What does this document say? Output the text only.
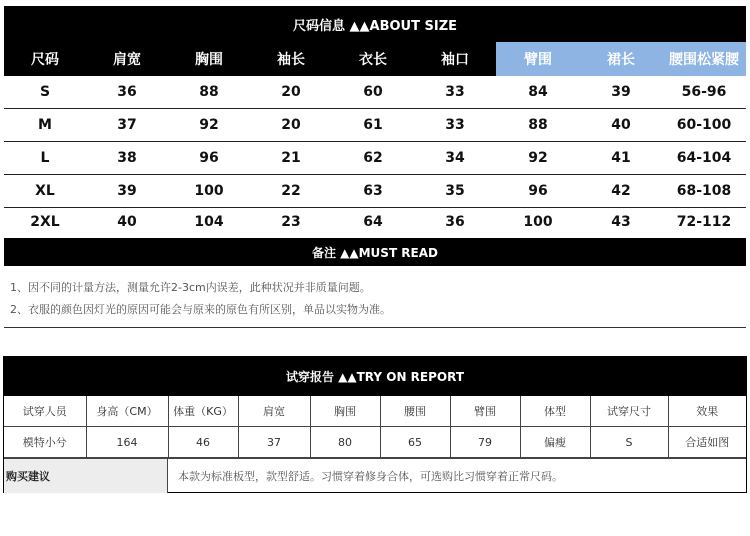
尺码信息 ▲▲ABOUT SIZE
尺码	肩宽	胸围	袖长	衣长	袖口	臂围	裙长	腰围松紧腰
S	36	88	20	60	33	84	39	56-96
M	37	92	20	61	33	88	40	60-100
L	38	96	21	62	34	92	41	64-104
XL	39	100	22	63	35	96	42	68-108
2XL	40	104	23	64	36	100	43	72-112
备注 ▲▲MUST READ
1、因不同的计量方法，测量允许2-3cm内误差，此种状况并非质量问题。
2、衣服的颜色因灯光的原因可能会与原来的原色有所区别，单品以实物为准。
试穿报告 ▲▲TRY ON REPORT
试穿人员	身高（CM）	体重（KG）	肩宽	胸围	腰围	臂围	体型	试穿尺寸	效果
模特小兮	164	46	37	80	65	79	偏瘦	S	合适如图
购买建议	本款为标准板型，款型舒适。习惯穿着修身合体，可选购比习惯穿着正常尺码。
